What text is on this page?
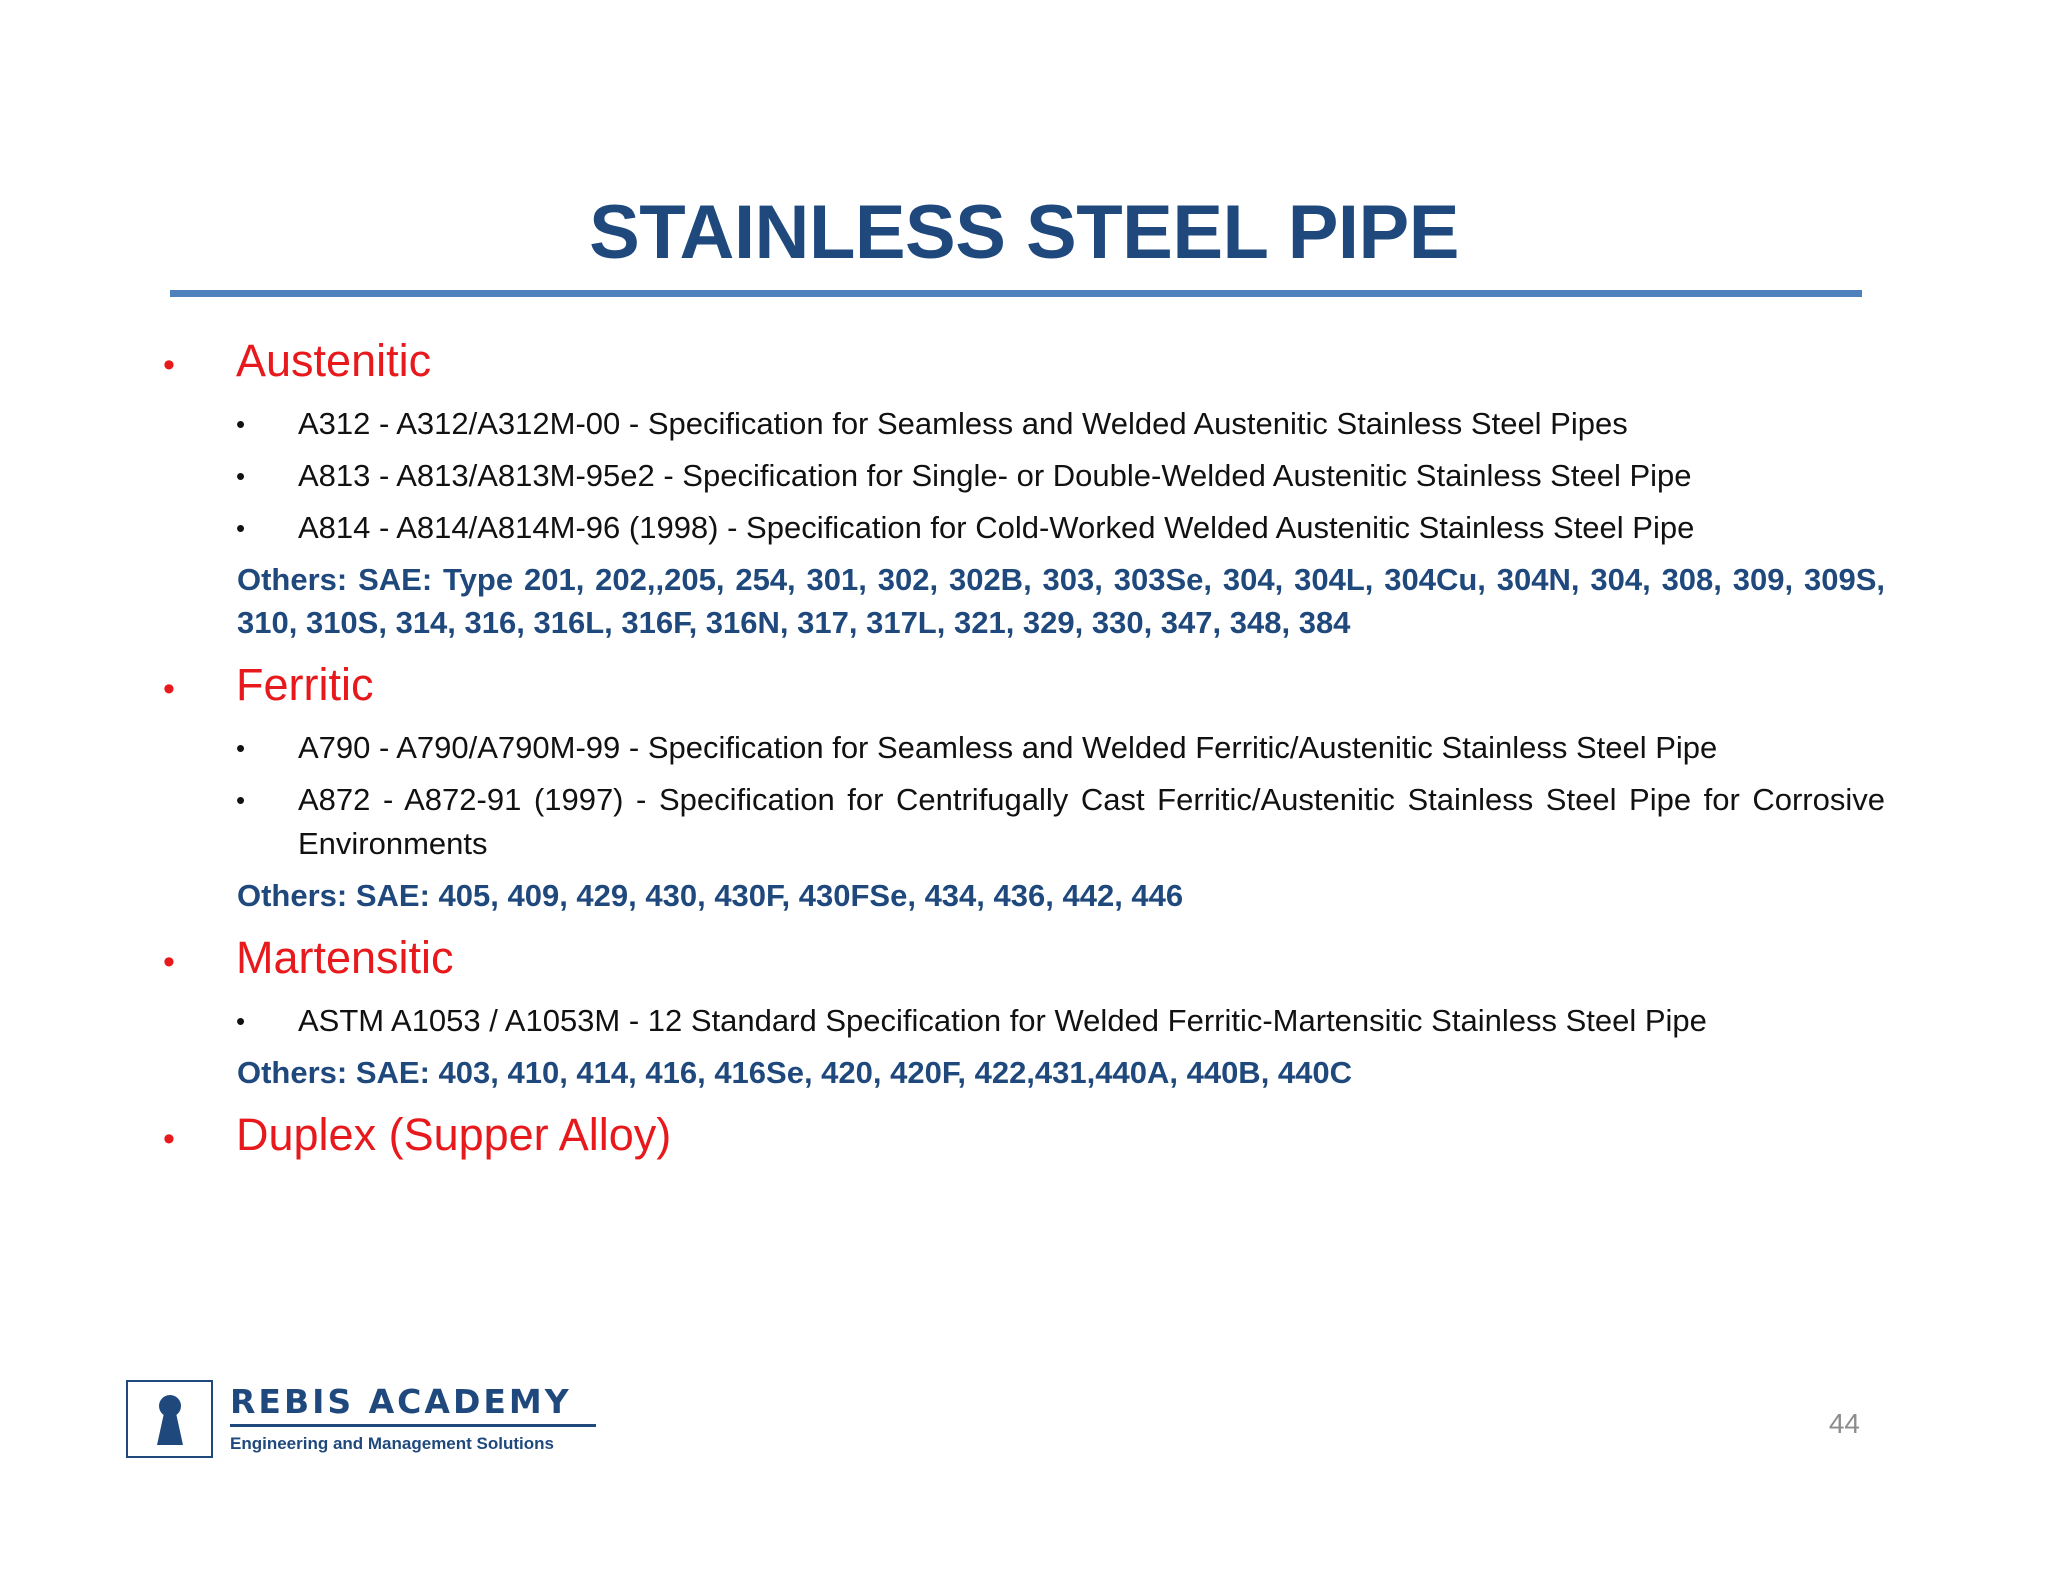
STAINLESS STEEL PIPE
•	Austenitic
•	A312 - A312/A312M-00 - Specification for Seamless and Welded Austenitic Stainless Steel Pipes
•	A813 - A813/A813M-95e2 - Specification for Single- or Double-Welded Austenitic Stainless Steel Pipe
•	A814 - A814/A814M-96 (1998) - Specification for Cold-Worked Welded Austenitic Stainless Steel Pipe
Others: SAE: Type 201, 202,,205, 254, 301, 302, 302B, 303, 303Se, 304, 304L, 304Cu, 304N, 304, 308, 309, 309S, 310, 310S, 314, 316, 316L, 316F, 316N, 317, 317L, 321, 329, 330, 347, 348, 384
•	Ferritic
•	A790 - A790/A790M-99 - Specification for Seamless and Welded Ferritic/Austenitic Stainless Steel Pipe
•	A872 - A872-91 (1997) - Specification for Centrifugally Cast Ferritic/Austenitic Stainless Steel Pipe for Corrosive Environments
Others: SAE: 405, 409, 429, 430, 430F, 430FSe, 434, 436, 442, 446
•	Martensitic
•	ASTM A1053 / A1053M - 12 Standard Specification for Welded Ferritic-Martensitic Stainless Steel Pipe
Others: SAE: 403, 410, 414, 416, 416Se, 420, 420F, 422,431,440A, 440B, 440C
•	Duplex (Supper Alloy)
REBIS ACADEMY
Engineering and Management Solutions
44
